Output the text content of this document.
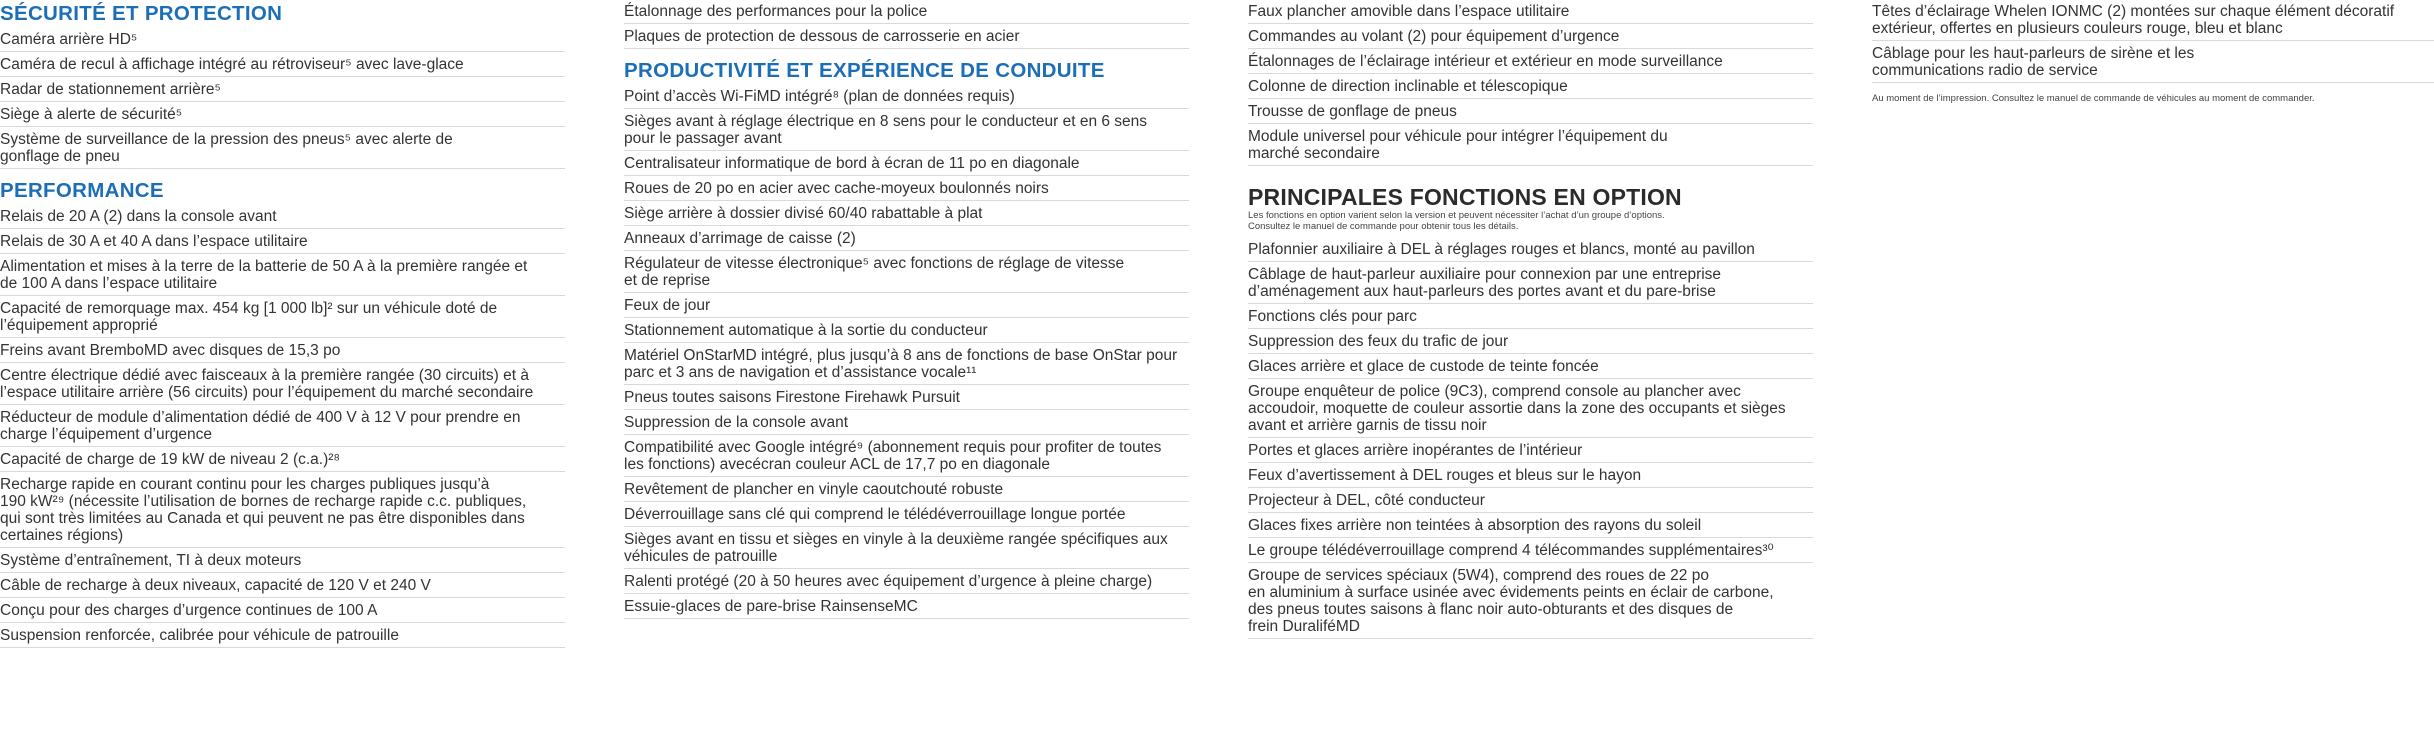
SÉCURITÉ ET PROTECTION
Caméra arrière HD⁵
Caméra de recul à affichage intégré au rétroviseur⁵ avec lave-glace
Radar de stationnement arrière⁵
Siège à alerte de sécurité⁵
Système de surveillance de la pression des pneus⁵ avec alerte de
gonflage de pneu
PERFORMANCE
Relais de 20 A (2) dans la console avant
Relais de 30 A et 40 A dans l’espace utilitaire
Alimentation et mises à la terre de la batterie de 50 A à la première rangée et
de 100 A dans l’espace utilitaire
Capacité de remorquage max. 454 kg [1 000 lb]² sur un véhicule doté de
l’équipement approprié
Freins avant BremboMD avec disques de 15,3 po
Centre électrique dédié avec faisceaux à la première rangée (30 circuits) et à
l’espace utilitaire arrière (56 circuits) pour l’équipement du marché secondaire
Réducteur de module d’alimentation dédié de 400 V à 12 V pour prendre en
charge l’équipement d’urgence
Capacité de charge de 19 kW de niveau 2 (c.a.)²⁸
Recharge rapide en courant continu pour les charges publiques jusqu’à
190 kW²⁹ (nécessite l’utilisation de bornes de recharge rapide c.c. publiques,
qui sont très limitées au Canada et qui peuvent ne pas être disponibles dans
certaines régions)
Système d’entraînement, TI à deux moteurs
Câble de recharge à deux niveaux, capacité de 120 V et 240 V
Conçu pour des charges d’urgence continues de 100 A
Suspension renforcée, calibrée pour véhicule de patrouille
Étalonnage des performances pour la police
Plaques de protection de dessous de carrosserie en acier
PRODUCTIVITÉ ET EXPÉRIENCE DE CONDUITE
Point d’accès Wi-FiMD intégré⁸ (plan de données requis)
Sièges avant à réglage électrique en 8 sens pour le conducteur et en 6 sens
pour le passager avant
Centralisateur informatique de bord à écran de 11 po en diagonale
Roues de 20 po en acier avec cache-moyeux boulonnés noirs
Siège arrière à dossier divisé 60/40 rabattable à plat
Anneaux d’arrimage de caisse (2)
Régulateur de vitesse électronique⁵ avec fonctions de réglage de vitesse
et de reprise
Feux de jour
Stationnement automatique à la sortie du conducteur
Matériel OnStarMD intégré, plus jusqu’à 8 ans de fonctions de base OnStar pour
parc et 3 ans de navigation et d’assistance vocale¹¹
Pneus toutes saisons Firestone Firehawk Pursuit
Suppression de la console avant
Compatibilité avec Google intégré⁹ (abonnement requis pour profiter de toutes
les fonctions) avecécran couleur ACL de 17,7 po en diagonale
Revêtement de plancher en vinyle caoutchouté robuste
Déverrouillage sans clé qui comprend le télédéverrouillage longue portée
Sièges avant en tissu et sièges en vinyle à la deuxième rangée spécifiques aux
véhicules de patrouille
Ralenti protégé (20 à 50 heures avec équipement d’urgence à pleine charge)
Essuie-glaces de pare-brise RainsenseMC
Faux plancher amovible dans l’espace utilitaire
Commandes au volant (2) pour équipement d’urgence
Étalonnages de l’éclairage intérieur et extérieur en mode surveillance
Colonne de direction inclinable et télescopique
Trousse de gonflage de pneus
Module universel pour véhicule pour intégrer l’équipement du
marché secondaire
PRINCIPALES FONCTIONS EN OPTION
Les fonctions en option varient selon la version et peuvent nécessiter l’achat d’un groupe d’options.
Consultez le manuel de commande pour obtenir tous les détails.
Plafonnier auxiliaire à DEL à réglages rouges et blancs, monté au pavillon
Câblage de haut-parleur auxiliaire pour connexion par une entreprise
d’aménagement aux haut-parleurs des portes avant et du pare-brise
Fonctions clés pour parc
Suppression des feux du trafic de jour
Glaces arrière et glace de custode de teinte foncée
Groupe enquêteur de police (9C3), comprend console au plancher avec
accoudoir, moquette de couleur assortie dans la zone des occupants et sièges
avant et arrière garnis de tissu noir
Portes et glaces arrière inopérantes de l’intérieur
Feux d’avertissement à DEL rouges et bleus sur le hayon
Projecteur à DEL, côté conducteur
Glaces fixes arrière non teintées à absorption des rayons du soleil
Le groupe télédéverrouillage comprend 4 télécommandes supplémentaires³⁰
Groupe de services spéciaux (5W4), comprend des roues de 22 po
en aluminium à surface usinée avec évidements peints en éclair de carbone,
des pneus toutes saisons à flanc noir auto-obturants et des disques de
frein DuraliféMD
Têtes d’éclairage Whelen IONMC (2) montées sur chaque élément décoratif
extérieur, offertes en plusieurs couleurs rouge, bleu et blanc
Câblage pour les haut-parleurs de sirène et les
communications radio de service
Au moment de l’impression. Consultez le manuel de commande de véhicules au moment de commander.
